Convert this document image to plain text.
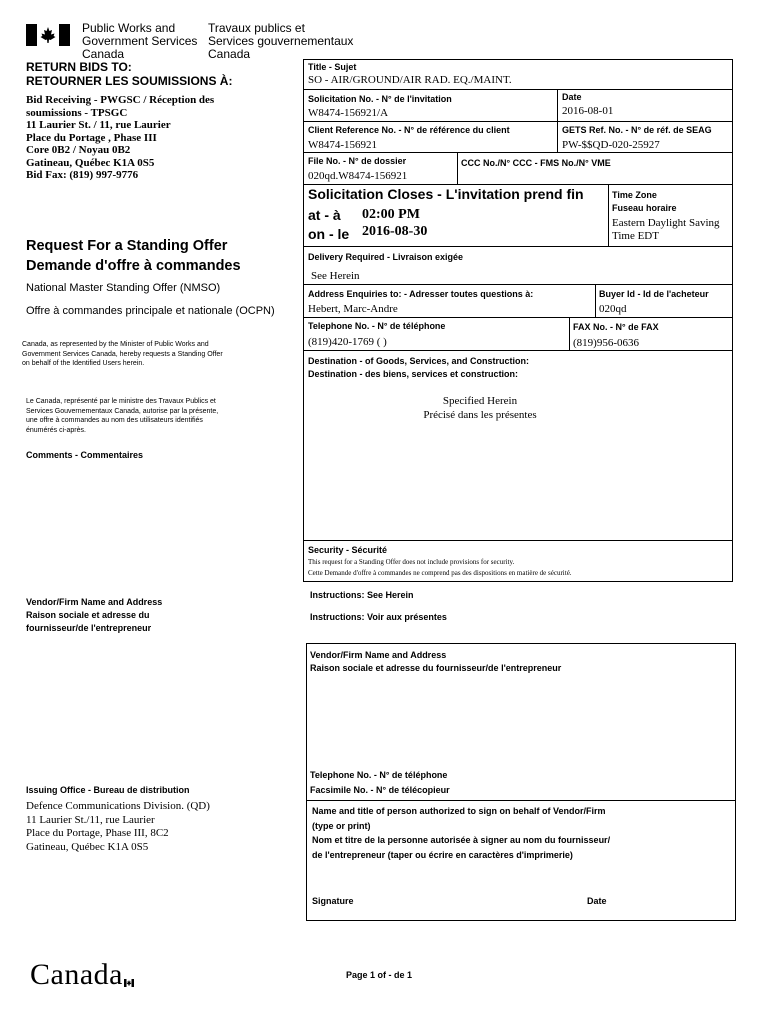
Public Works and
Government Services
Canada
Travaux publics et
Services gouvernementaux
Canada
RETURN BIDS TO:
RETOURNER LES SOUMISSIONS À:
Bid Receiving - PWGSC / Réception des
soumissions - TPSGC
11 Laurier St. / 11, rue Laurier
Place du Portage , Phase III
Core 0B2 / Noyau 0B2
Gatineau, Québec K1A 0S5
Bid Fax: (819) 997-9776
Request For a Standing Offer
Demande d'offre à commandes
National Master Standing Offer (NMSO)
Offre à commandes principale et nationale (OCPN)
Canada, as represented by the Minister of Public Works and
Government Services Canada, hereby requests a Standing Offer
on behalf of the Identified Users herein.
Le Canada, représenté par le ministre des Travaux Publics et
Services Gouvernementaux Canada, autorise par la présente,
une offre à commandes au nom des utilisateurs identifiés
énumérés ci-après.
Comments - Commentaires
Vendor/Firm Name and Address
Raison sociale et adresse du
fournisseur/de l'entrepreneur
Issuing Office - Bureau de distribution
Defence Communications Division. (QD)
11 Laurier St./11, rue Laurier
Place du Portage, Phase III, 8C2
Gatineau, Québec K1A 0S5
Title - Sujet
SO - AIR/GROUND/AIR RAD. EQ./MAINT.
Solicitation No. - N° de l'invitation
W8474-156921/A
Date
2016-08-01
Client Reference No. - N° de référence du client
W8474-156921
GETS Ref. No. - N° de réf. de SEAG
PW-$$QD-020-25927
File No. - N° de dossier
020qd.W8474-156921
CCC No./N° CCC - FMS No./N° VME
Solicitation Closes - L'invitation prend fin
at - à 02:00 PM
on - le 2016-08-30
Time Zone
Fuseau horaire
Eastern Daylight Saving
Time EDT
Delivery Required - Livraison exigée
See Herein
Address Enquiries to: - Adresser toutes questions à:
Hebert, Marc-Andre
Buyer Id - Id de l'acheteur
020qd
Telephone No. - N° de téléphone
(819)420-1769 ( )
FAX No. - N° de FAX
(819)956-0636
Destination - of Goods, Services, and Construction:
Destination - des biens, services et construction:
Specified Herein
Précisé dans les présentes
Security - Sécurité
This request for a Standing Offer does not include provisions for security.
Cette Demande d'offre à commandes ne comprend pas des dispositions en matière de sécurité.
Instructions: See Herein
Instructions: Voir aux présentes
Vendor/Firm Name and Address
Raison sociale et adresse du fournisseur/de l'entrepreneur
Telephone No. - N° de téléphone
Facsimile No. - N° de télécopieur
Name and title of person authorized to sign on behalf of Vendor/Firm
(type or print)
Nom et titre de la personne autorisée à signer au nom du fournisseur/
de l'entrepreneur (taper ou écrire en caractères d'imprimerie)
Signature	Date
Canada	Page 1 of - de 1
